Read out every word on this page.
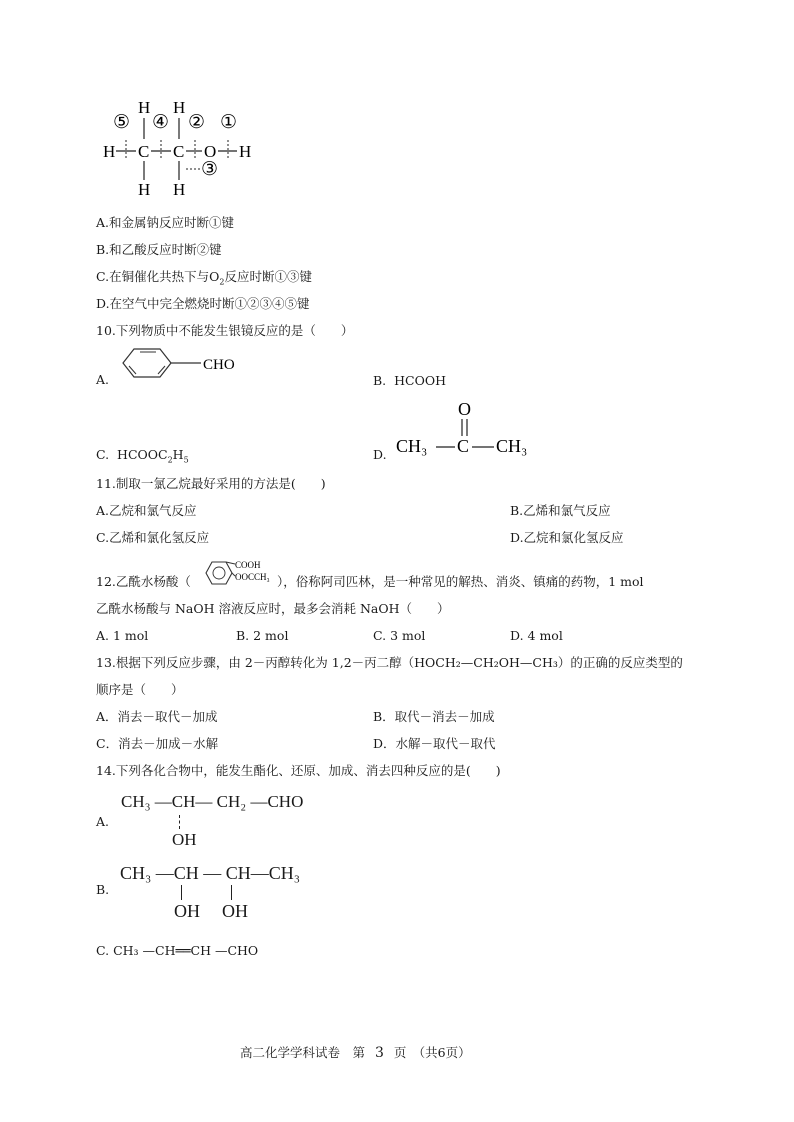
⑤ ④ ② ①
③
H H
H C C O H
H H
A.和金属钠反应时断①键
B.和乙酸反应时断②键
C.在铜催化共热下与$O_2$反应时断①③键
D.在空气中完全燃烧时断①②③④⑤键
10.下列物质中不能发生银镜反应的是（　　）
A.
CHO
B. HCOOH
C. $HCOOC_2H_5$	D.
O
CH₃ C CH₃
11.制取一氯乙烷最好采用的方法是(　　)
A.乙烷和氯气反应	B.乙烯和氯气反应
C.乙烯和氯化氢反应	D.乙烷和氯化氢反应
12.乙酰水杨酸（
COOH
OOCCH₃ ），俗称阿司匹林，是一种常见的解热、消炎、镇痛的药物，1 mol
乙酰水杨酸与 NaOH 溶液反应时，最多会消耗 NaOH（　　）
A. 1 mol	B. 2 mol	C. 3 mol	D. 4 mol
13.根据下列反应步骤，由 2－丙醇转化为 1,2－丙二醇（HOCH₂—CH₂OH—CH₃）的正确的反应类型的
顺序是（　　）
A．消去－取代－加成	B．取代－消去－加成
C．消去－加成－水解	D．水解－取代－取代
14.下列各化合物中，能发生酯化、还原、加成、消去四种反应的是(　　)
A.
CH₃ —CH— CH₂ —CHO
OH
B.
CH₃ —CH — CH—CH₃
OH OH
C. CH₃ —CH══CH —CHO
高二化学学科试卷　第 3 页　（共6页）
